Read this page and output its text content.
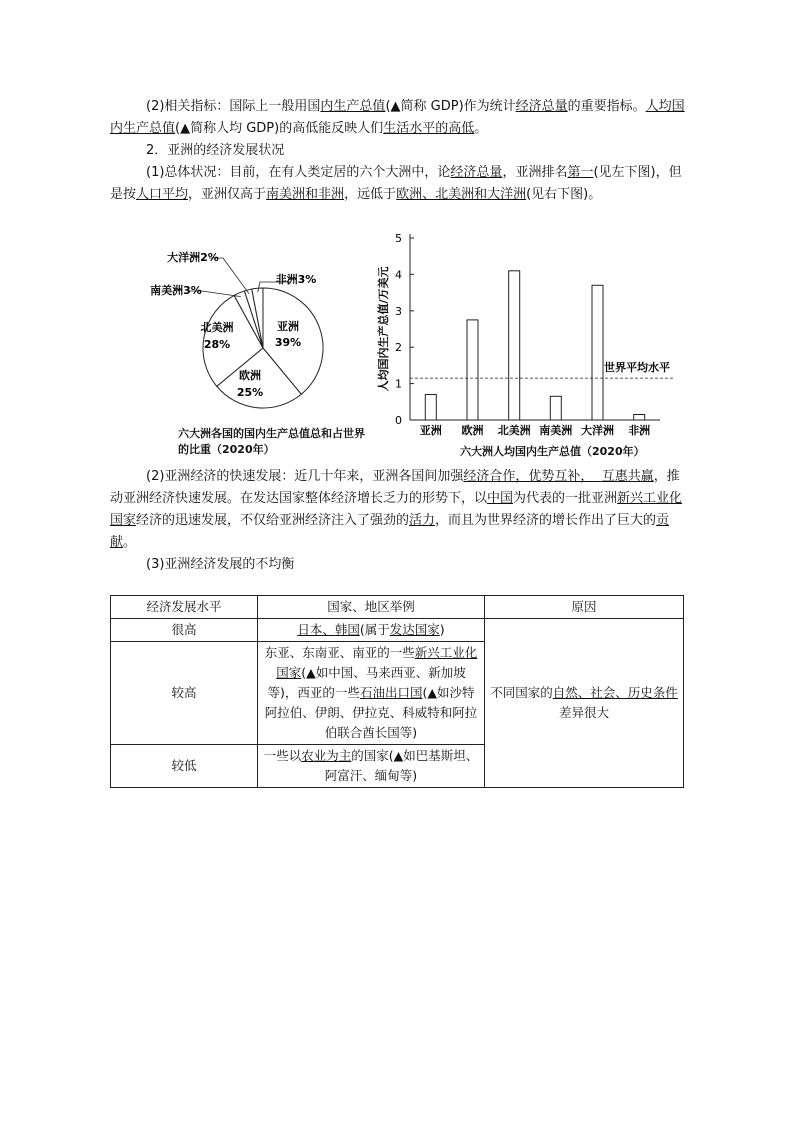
(2)相关指标：国际上一般用国内生产总值(▲简称 GDP)作为统计经济总量的重要指标。人均国内生产总值(▲简称人均 GDP)的高低能反映人们生活水平的高低。

2．亚洲的经济发展状况

(1)总体状况：目前，在有人类定居的六个大洲中，论经济总量，亚洲排名第一(见左下图)，但是按人口平均，亚洲仅高于南美洲和非洲，远低于欧洲、北美洲和大洋洲(见右下图)。

亚洲
39%
欧洲
25%
北美洲
28%
南美洲3%
大洋洲2%
非洲3%
六大洲各国的国内生产总值总和占世界的比重（2020年）
0
1
2
3
4
5
人均国内生产总值/万美元
亚洲 欧洲 北美洲 南美洲 大洋洲 非洲
世界平均水平
六大洲人均国内生产总值（2020年）

(2)亚洲经济的快速发展：近几十年来，亚洲各国间加强经济合作，优势互补， 互惠共赢，推动亚洲经济快速发展。在发达国家整体经济增长乏力的形势下，以中国为代表的一批亚洲新兴工业化国家经济的迅速发展，不仅给亚洲经济注入了强劲的活力，而且为世界经济的增长作出了巨大的贡献。

(3)亚洲经济发展的不均衡

经济发展水平	国家、地区举例	原因
很高	日本、韩国(属于发达国家)	不同国家的自然、社会、历史条件
差异很大
较高	东亚、东南亚、南亚的一些新兴工业化国家(▲如中国、马来西亚、新加坡等)，西亚的一些石油出口国(▲如沙特阿拉伯、伊朗、伊拉克、科威特和阿拉伯联合酋长国等)	
较低	一些以农业为主的国家(▲如巴基斯坦、阿富汗、缅甸等)	
